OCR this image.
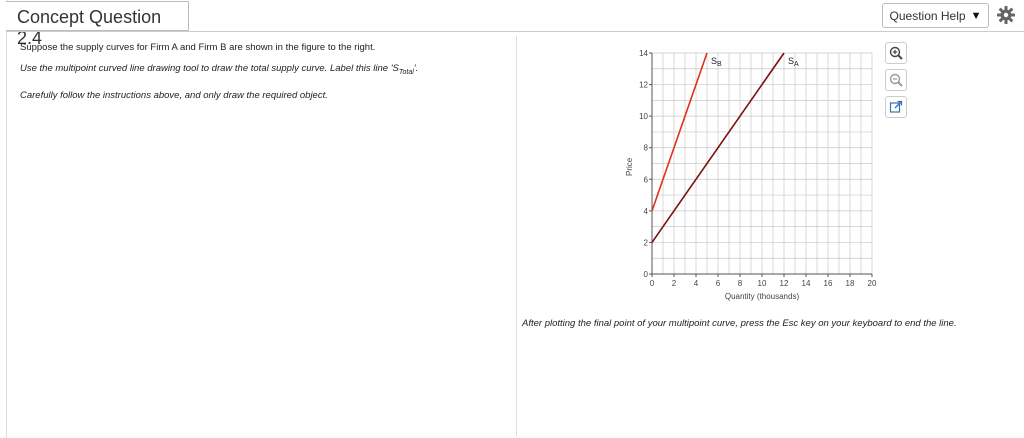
Concept Question 2.4
Question Help ▼
Suppose the supply curves for Firm A and Firm B are shown in the figure to the right.
Use the multipoint curved line drawing tool to draw the total supply curve. Label this line '$S_{Total}$'.
Carefully follow the instructions above, and only draw the required object.
0 2 4 6 8 10 12 14 16 18 20
0
2
4
6
8
10
12
14
Price
Quantity (thousands)
$S_B$	$S_A$
After plotting the final point of your multipoint curve, press the Esc key on your keyboard to end the line.
